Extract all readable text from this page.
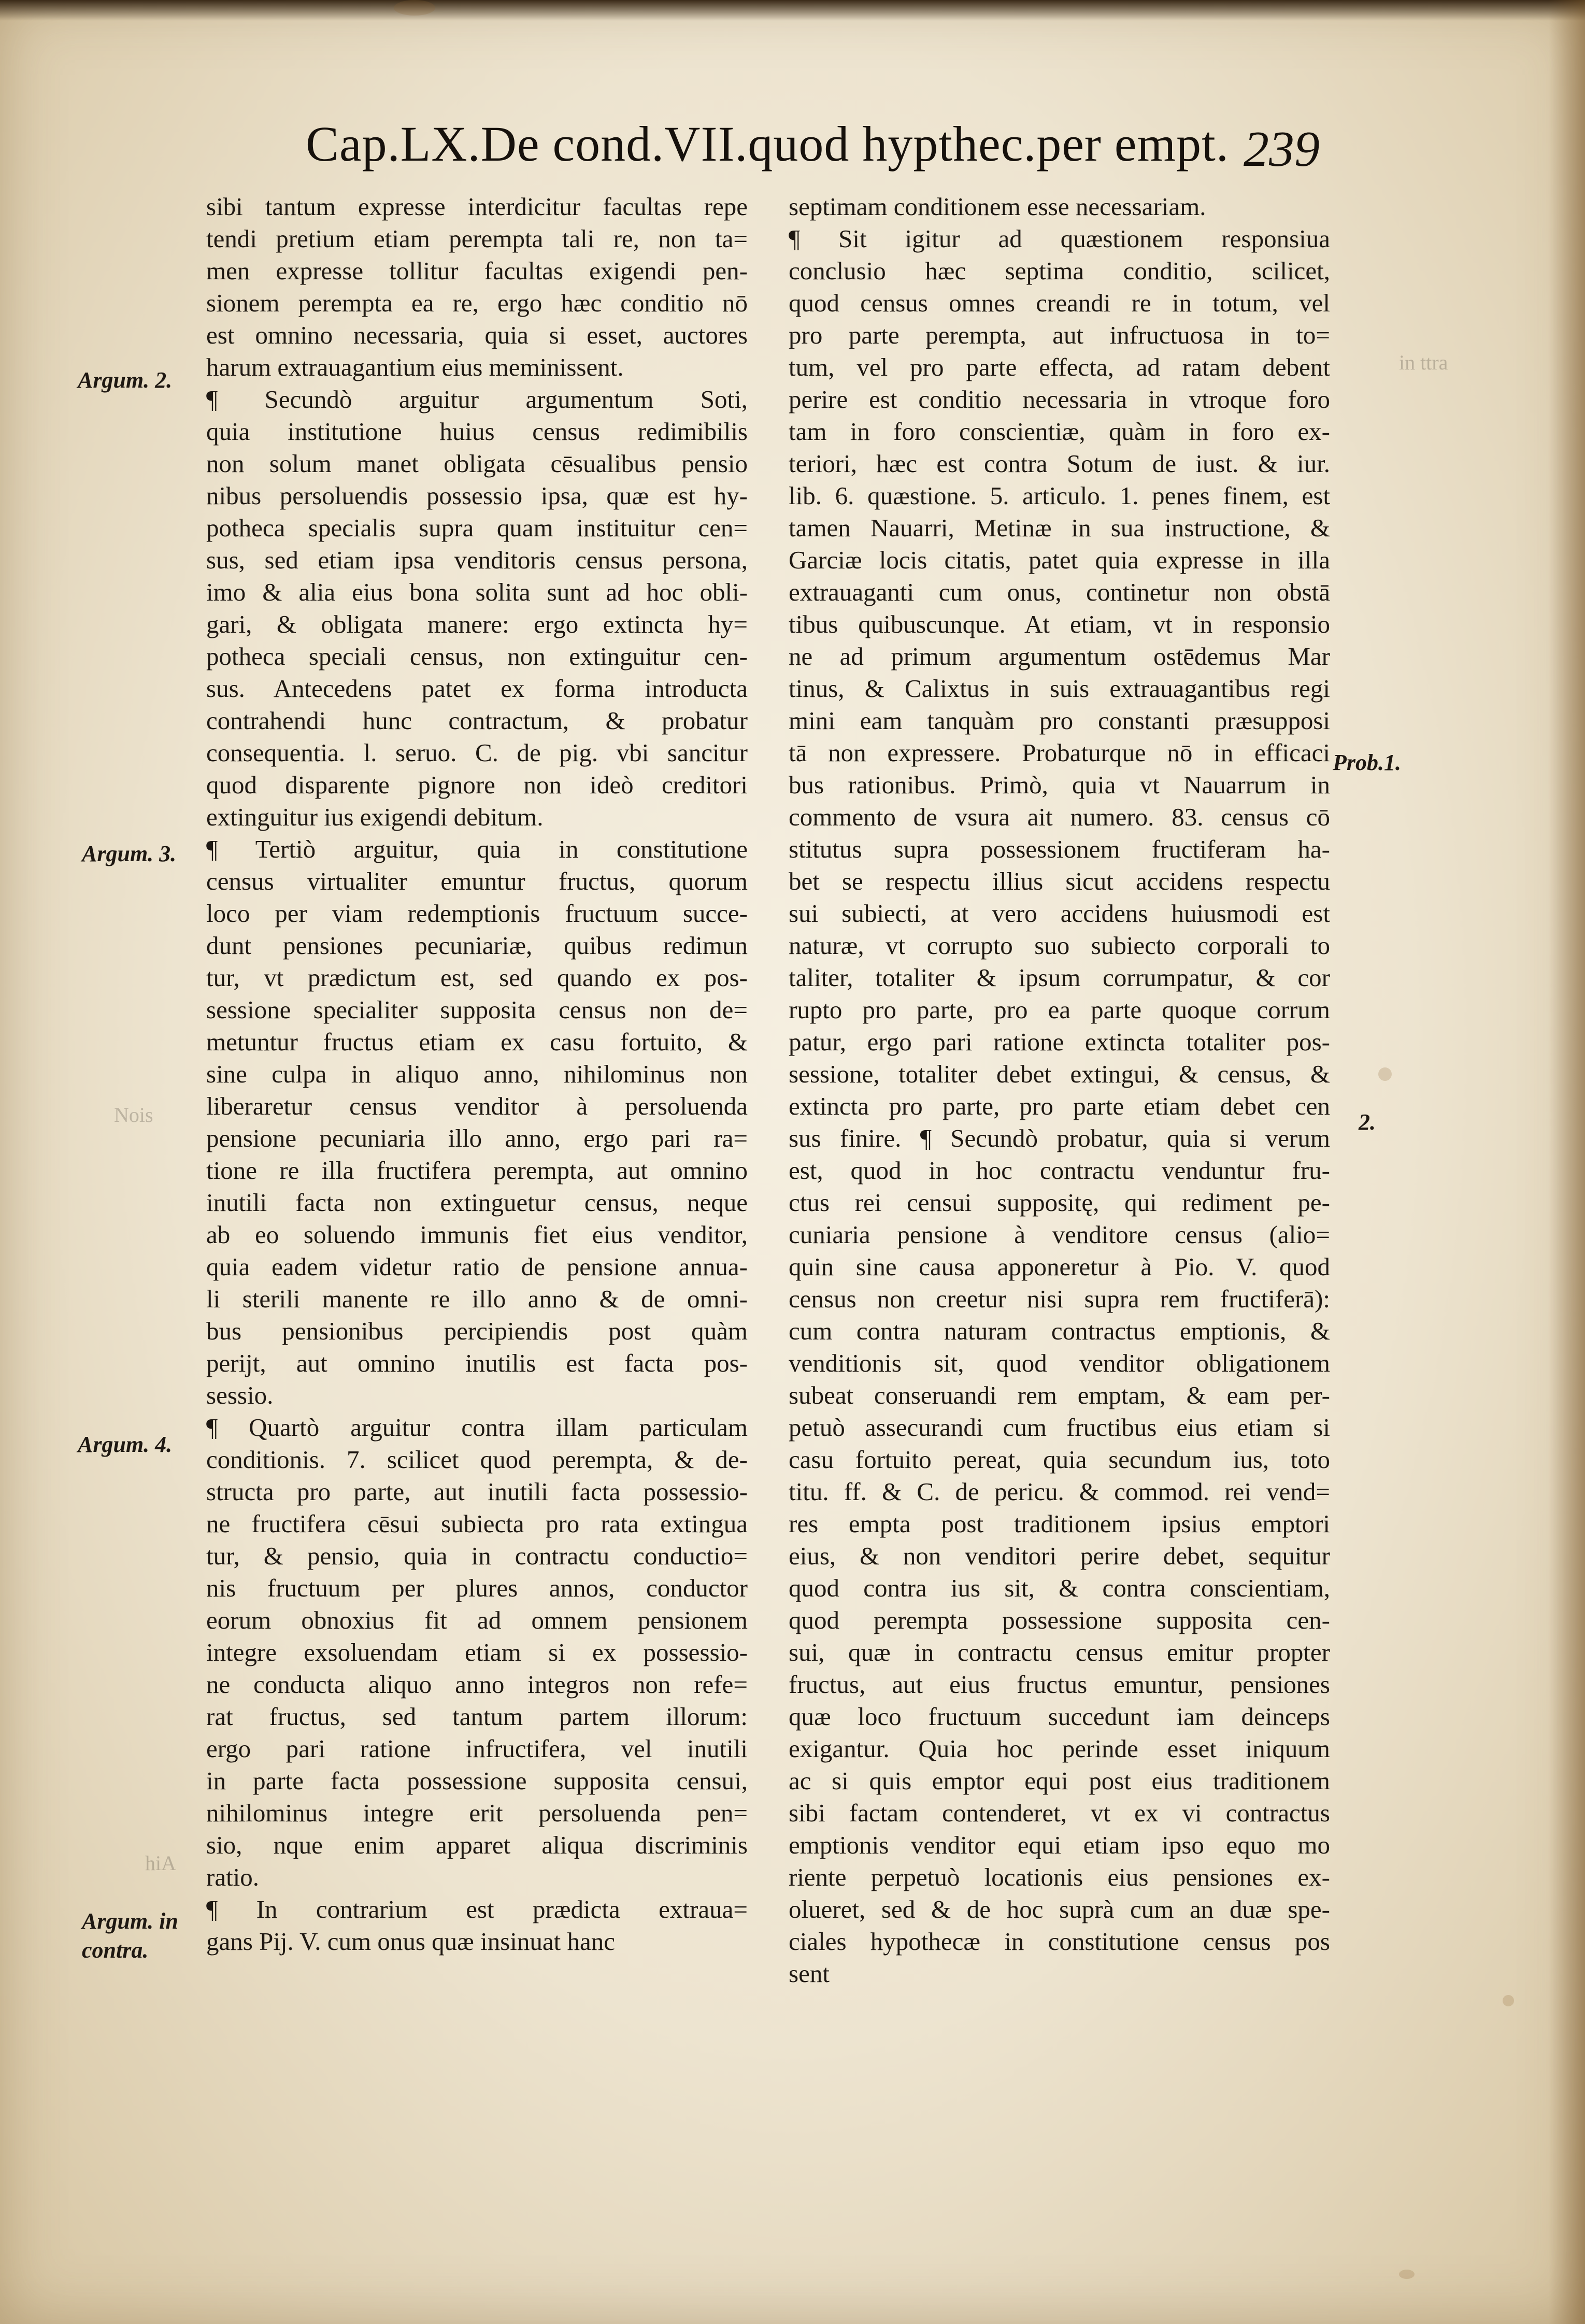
Cap.LX.De cond.VII.quod hypthec.per empt. 239
Argum. 2.
Argum. 3.
Argum. 4.
Argum. in
contra.
Prob.1.
2.
in ttra
Nois
hiA
sibi tantum expresse interdicitur facultas repe
tendi pretium etiam perempta tali re, non ta=
men expresse tollitur facultas exigendi pen-
sionem perempta ea re, ergo hæc conditio nō
est omnino necessaria, quia si esset, auctores
harum extrauagantium eius meminissent.
¶ Secundò arguitur argumentum Soti,
quia institutione huius census redimibilis
non solum manet obligata cēsualibus pensio
nibus persoluendis possessio ipsa, quæ est hy-
potheca specialis supra quam instituitur cen=
sus, sed etiam ipsa venditoris census persona,
imo & alia eius bona solita sunt ad hoc obli-
gari, & obligata manere: ergo extincta hy=
potheca speciali census, non extinguitur cen-
sus. Antecedens patet ex forma introducta
contrahendi hunc contractum, & probatur
consequentia. l. seruo. C. de pig. vbi sancitur
quod disparente pignore non ideò creditori
extinguitur ius exigendi debitum.
¶ Tertiò arguitur, quia in constitutione
census virtualiter emuntur fructus, quorum
loco per viam redemptionis fructuum succe-
dunt pensiones pecuniariæ, quibus redimun
tur, vt prædictum est, sed quando ex pos-
sessione specialiter supposita census non de=
metuntur fructus etiam ex casu fortuito, &
sine culpa in aliquo anno, nihilominus non
liberaretur census venditor à persoluenda
pensione pecuniaria illo anno, ergo pari ra=
tione re illa fructifera perempta, aut omnino
inutili facta non extinguetur census, neque
ab eo soluendo immunis fiet eius venditor,
quia eadem videtur ratio de pensione annua-
li sterili manente re illo anno & de omni-
bus pensionibus percipiendis post quàm
perijt, aut omnino inutilis est facta pos-
sessio.
¶ Quartò arguitur contra illam particulam
conditionis. 7. scilicet quod perempta, & de-
structa pro parte, aut inutili facta possessio-
ne fructifera cēsui subiecta pro rata extingua
tur, & pensio, quia in contractu conductio=
nis fructuum per plures annos, conductor
eorum obnoxius fit ad omnem pensionem
integre exsoluendam etiam si ex possessio-
ne conducta aliquo anno integros non refe=
rat fructus, sed tantum partem illorum:
ergo pari ratione infructifera, vel inutili
in parte facta possessione supposita censui,
nihilominus integre erit persoluenda pen=
sio, nque enim apparet aliqua discriminis
ratio.
¶ In contrarium est prædicta extraua=
gans Pij. V. cum onus quæ insinuat hanc
septimam conditionem esse necessariam.
¶ Sit igitur ad quæstionem responsiua
conclusio hæc septima conditio, scilicet,
quod census omnes creandi re in totum, vel
pro parte perempta, aut infructuosa in to=
tum, vel pro parte effecta, ad ratam debent
perire est conditio necessaria in vtroque foro
tam in foro conscientiæ, quàm in foro ex-
teriori, hæc est contra Sotum de iust. & iur.
lib. 6. quæstione. 5. articulo. 1. penes finem, est
tamen Nauarri, Metinæ in sua instructione, &
Garciæ locis citatis, patet quia expresse in illa
extrauaganti cum onus, continetur non obstā
tibus quibuscunque. At etiam, vt in responsio
ne ad primum argumentum ostēdemus Mar
tinus, & Calixtus in suis extrauagantibus regi
mini eam tanquàm pro constanti præsupposi
tā non expressere. Probaturque nō in efficaci
bus rationibus. Primò, quia vt Nauarrum in
commento de vsura ait numero. 83. census cō
stitutus supra possessionem fructiferam ha-
bet se respectu illius sicut accidens respectu
sui subiecti, at vero accidens huiusmodi est
naturæ, vt corrupto suo subiecto corporali to
taliter, totaliter & ipsum corrumpatur, & cor
rupto pro parte, pro ea parte quoque corrum
patur, ergo pari ratione extincta totaliter pos-
sessione, totaliter debet extingui, & census, &
extincta pro parte, pro parte etiam debet cen
sus finire. ¶ Secundò probatur, quia si verum
est, quod in hoc contractu venduntur fru-
ctus rei censui suppositę, qui rediment pe-
cuniaria pensione à venditore census (alio=
quin sine causa apponeretur à Pio. V. quod
census non creetur nisi supra rem fructiferā):
cum contra naturam contractus emptionis, &
venditionis sit, quod venditor obligationem
subeat conseruandi rem emptam, & eam per-
petuò assecurandi cum fructibus eius etiam si
casu fortuito pereat, quia secundum ius, toto
titu. ff. & C. de pericu. & commod. rei vend=
res empta post traditionem ipsius emptori
eius, & non venditori perire debet, sequitur
quod contra ius sit, & contra conscientiam,
quod perempta possessione supposita cen-
sui, quæ in contractu census emitur propter
fructus, aut eius fructus emuntur, pensiones
quæ loco fructuum succedunt iam deinceps
exigantur. Quia hoc perinde esset iniquum
ac si quis emptor equi post eius traditionem
sibi factam contenderet, vt ex vi contractus
emptionis venditor equi etiam ipso equo mo
riente perpetuò locationis eius pensiones ex-
olueret, sed & de hoc suprà cum an duæ spe-
ciales hypothecæ in constitutione census pos
sent
